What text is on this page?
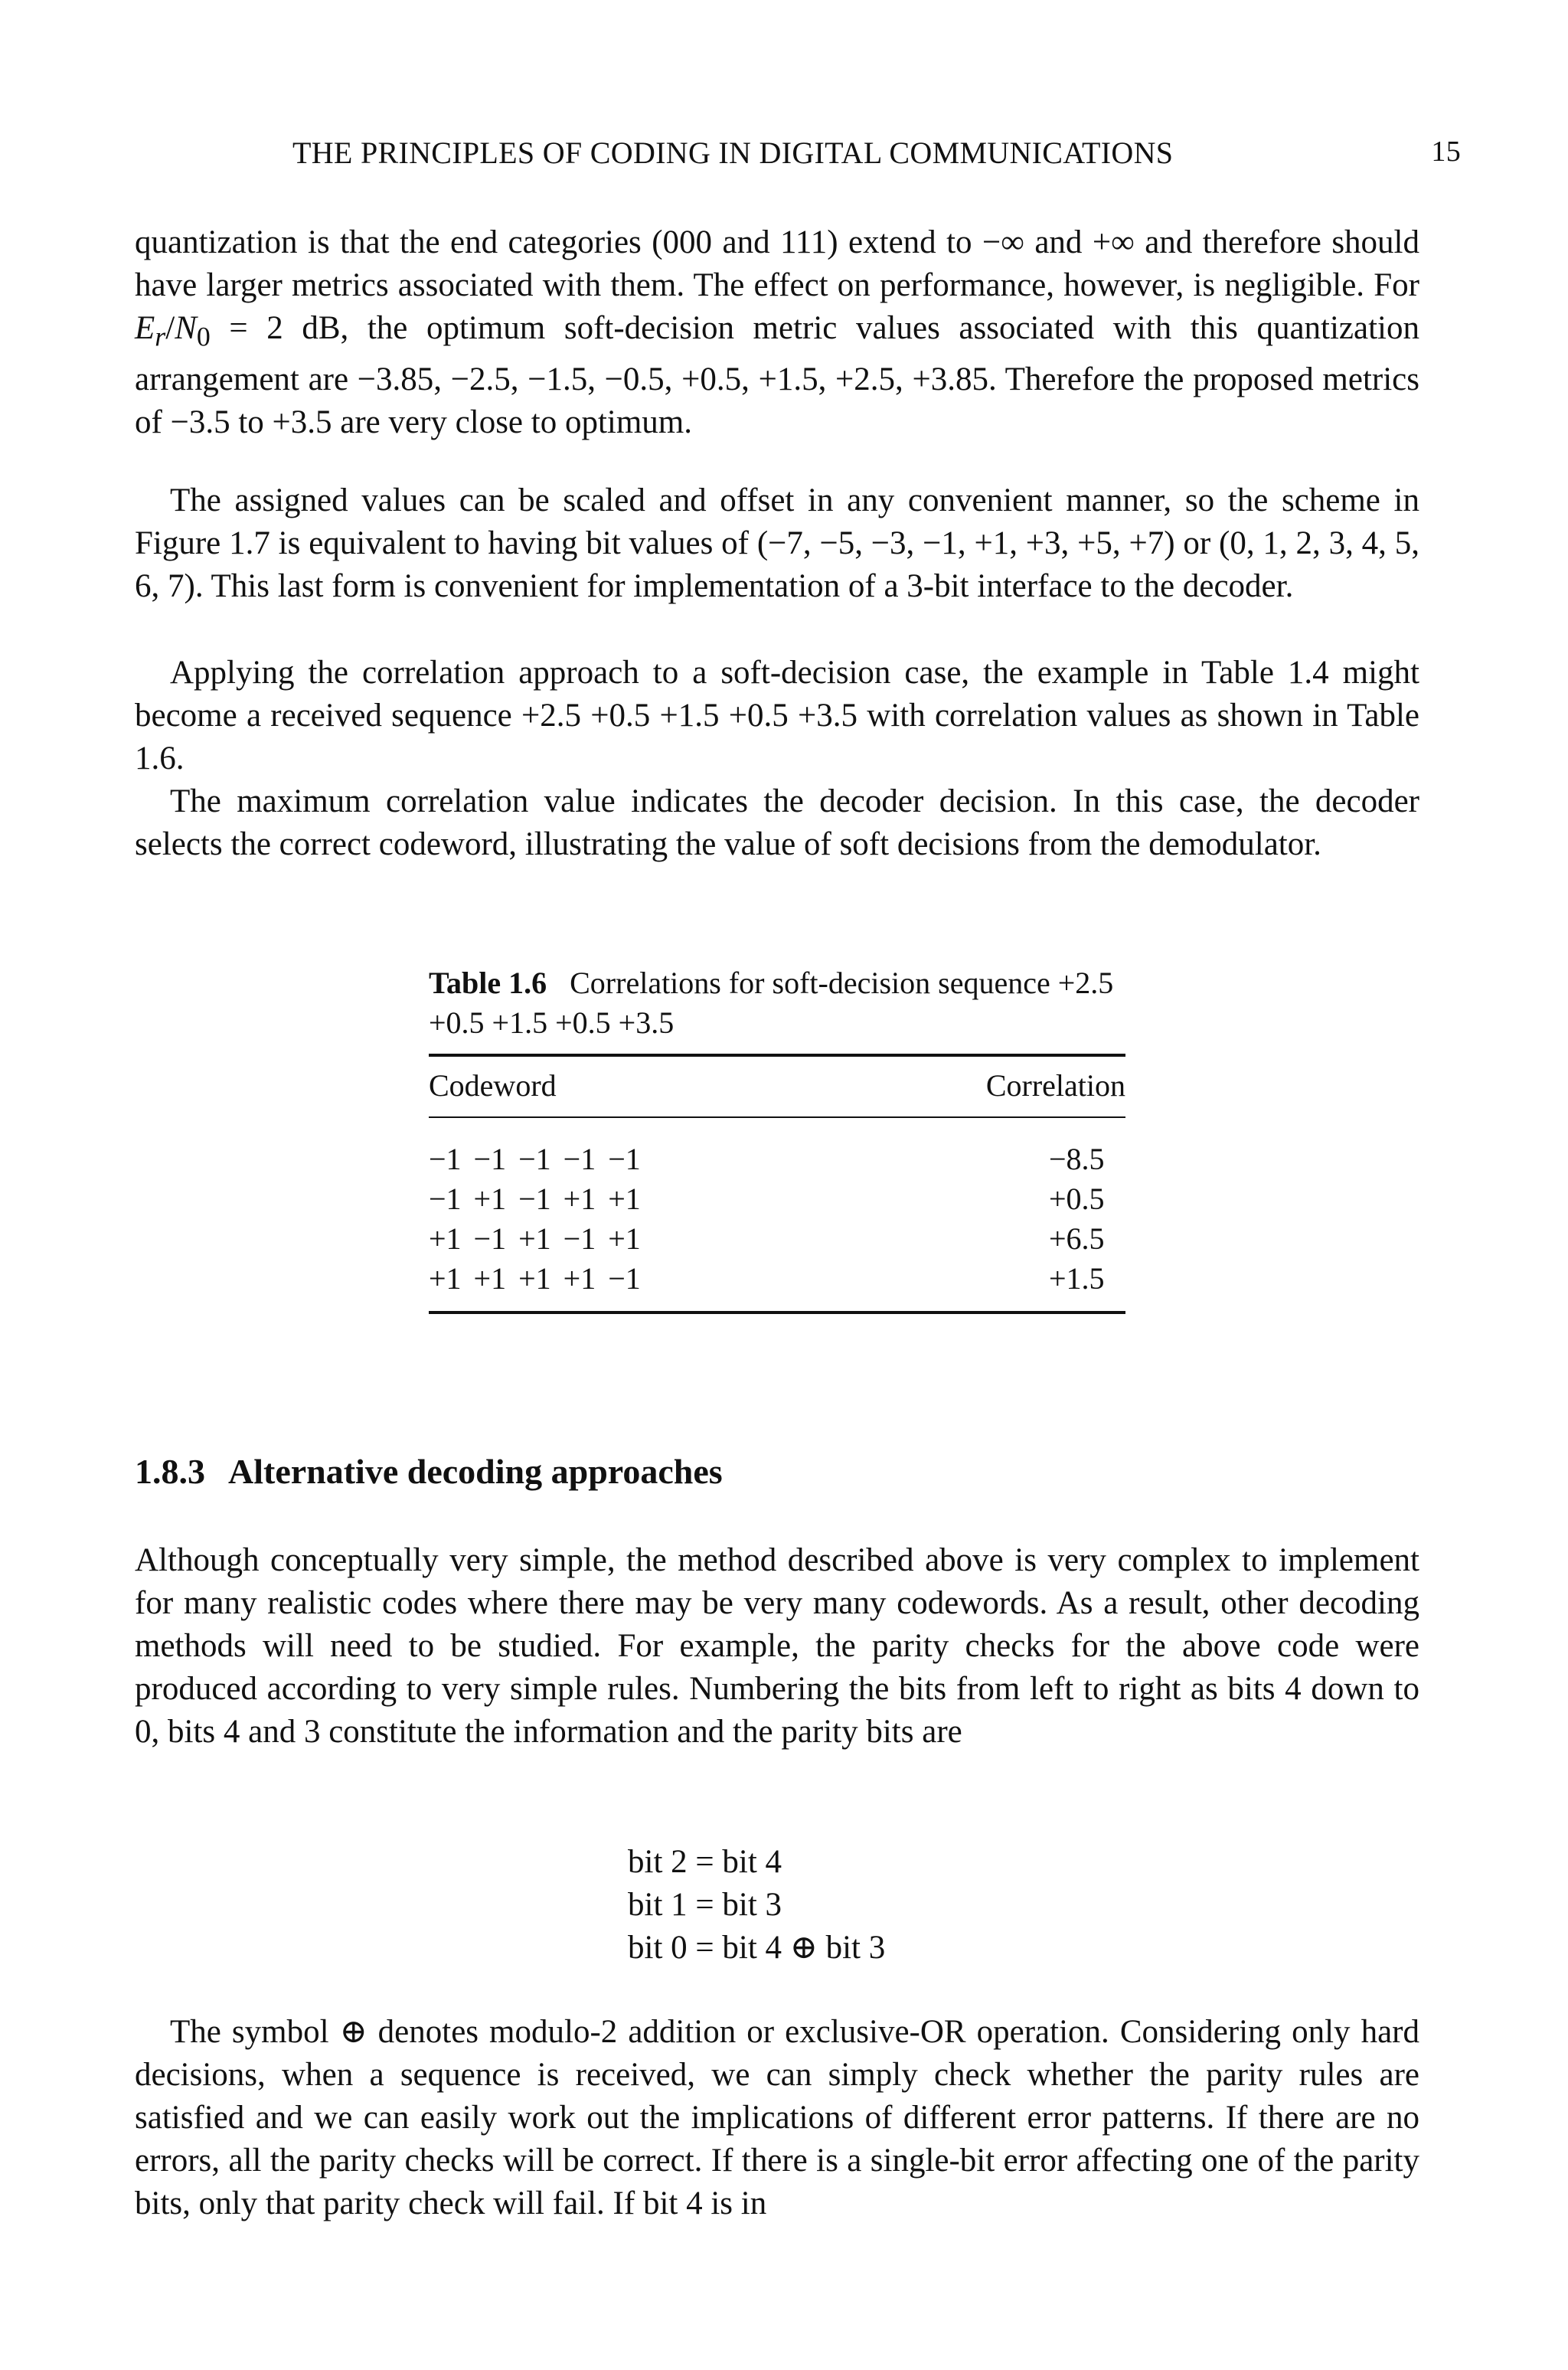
THE PRINCIPLES OF CODING IN DIGITAL COMMUNICATIONS	15

quantization is that the end categories (000 and 111) extend to −∞ and +∞ and therefore should have larger metrics associated with them. The effect on performance, however, is negligible. For $E_r/N_0 = 2$ dB, the optimum soft-decision metric values associated with this quantization arrangement are −3.85, −2.5, −1.5, −0.5, +0.5, +1.5, +2.5, +3.85. Therefore the proposed metrics of −3.5 to +3.5 are very close to optimum.

The assigned values can be scaled and offset in any convenient manner, so the scheme in Figure 1.7 is equivalent to having bit values of (−7, −5, −3, −1, +1, +3, +5, +7) or (0, 1, 2, 3, 4, 5, 6, 7). This last form is convenient for implementation of a 3-bit interface to the decoder.

Applying the correlation approach to a soft-decision case, the example in Table 1.4 might become a received sequence +2.5 +0.5 +1.5 +0.5 +3.5 with correlation values as shown in Table 1.6.

The maximum correlation value indicates the decoder decision. In this case, the decoder selects the correct codeword, illustrating the value of soft decisions from the demodulator.

Table 1.6 Correlations for soft-decision sequence +2.5 +0.5 +1.5 +0.5 +3.5
Codeword	Correlation
−1 −1 −1 −1 −1	−8.5
−1 +1 −1 +1 +1	+0.5
+1 −1 +1 −1 +1	+6.5
+1 +1 +1 +1 −1	+1.5
1.8.3 Alternative decoding approaches

Although conceptually very simple, the method described above is very complex to implement for many realistic codes where there may be very many codewords. As a result, other decoding methods will need to be studied. For example, the parity checks for the above code were produced according to very simple rules. Numbering the bits from left to right as bits 4 down to 0, bits 4 and 3 constitute the information and the parity bits are

bit 2 = bit 4
bit 1 = bit 3
bit 0 = bit 4 ⊕ bit 3

The symbol ⊕ denotes modulo-2 addition or exclusive-OR operation. Considering only hard decisions, when a sequence is received, we can simply check whether the parity rules are satisfied and we can easily work out the implications of different error patterns. If there are no errors, all the parity checks will be correct. If there is a single-bit error affecting one of the parity bits, only that parity check will fail. If bit 4 is in
